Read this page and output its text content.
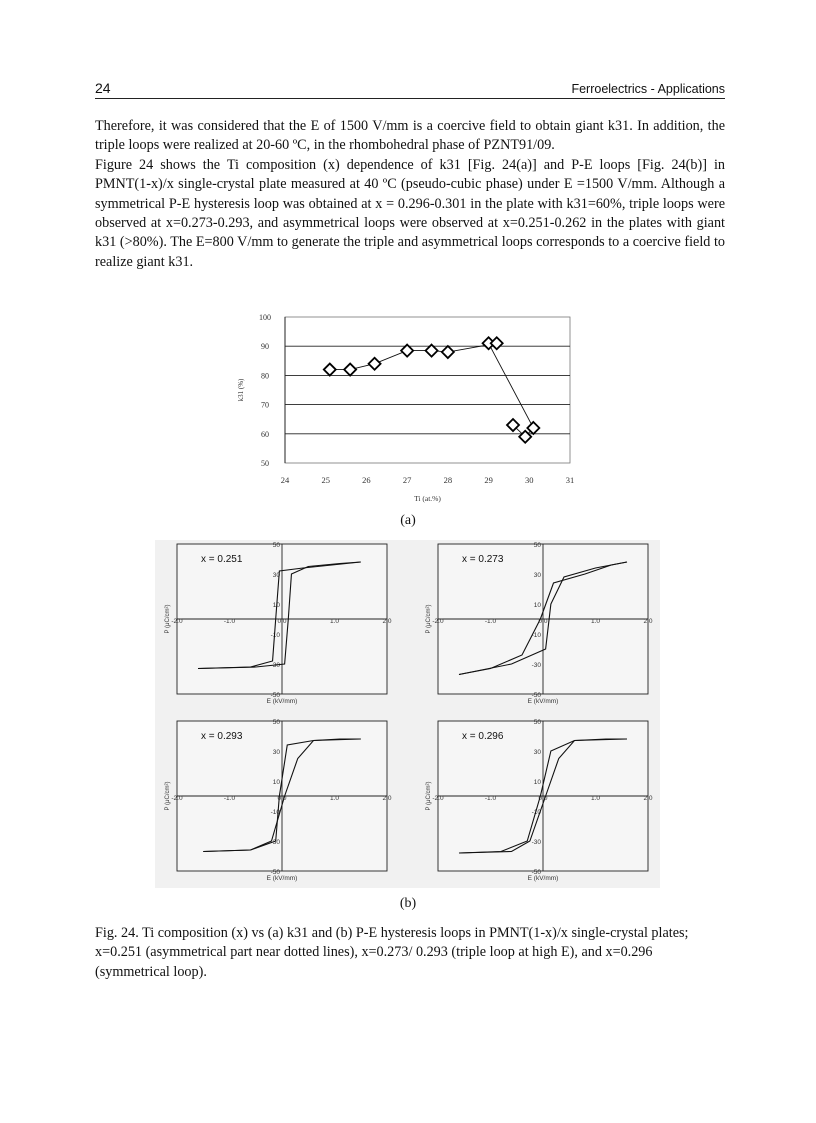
24	Ferroelectrics - Applications

Therefore, it was considered that the E of 1500 V/mm is a coercive field to obtain giant k31. In addition, the triple loops were realized at 20-60 ºC, in the rhombohedral phase of PZNT91/09.

Figure 24 shows the Ti composition (x) dependence of k31 [Fig. 24(a)] and P-E loops [Fig. 24(b)] in PMNT(1-x)/x single-crystal plate measured at 40 ºC (pseudo-cubic phase) under E =1500 V/mm. Although a symmetrical P-E hysteresis loop was obtained at x = 0.296-0.301 in the plate with k31=60%, triple loops were observed at x=0.273-0.293, and asymmetrical loops were observed at x=0.251-0.262 in the plates with giant k31 (>80%). The E=800 V/mm to generate the triple and asymmetrical loops corresponds to a coercive field to realize giant k31.

50
60
70
80
90
100
24	25	26	27	28	29	30	31
k31 (%)
Ti (at.%)
(a)
-2.0	-1.0	0.0	1.0	2.0
50
30
10
-10
-30
-50
x = 0.251
E (kV/mm)
P (μC/cm²)	-2.0	-1.0	0.0	1.0	2.0
50
30
10
-10
-30
-50
x = 0.273
E (kV/mm)
P (μC/cm²)
-2.0	-1.0	0.0	1.0	2.0
50
30
10
-10
-30
-50
x = 0.293
E (kV/mm)
P (μC/cm²)	-2.0	-1.0	0.0	1.0	2.0
50
30
10
-10
-30
-50
x = 0.296
E (kV/mm)
P (μC/cm²)
(b)
Fig. 24. Ti composition (x) vs (a) k31 and (b) P-E hysteresis loops in PMNT(1-x)/x single-crystal plates; x=0.251 (asymmetrical part near dotted lines), x=0.273/ 0.293 (triple loop at high E), and x=0.296 (symmetrical loop).
